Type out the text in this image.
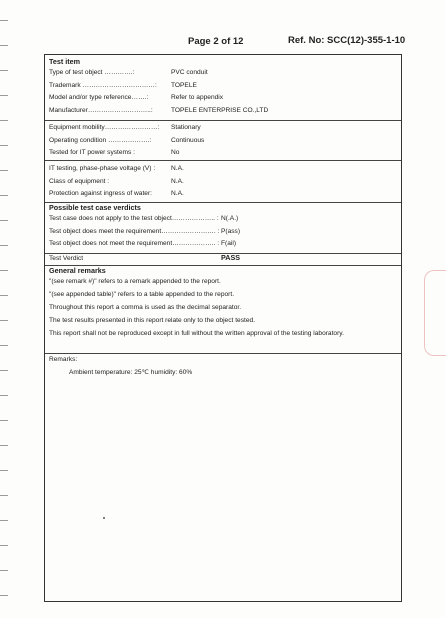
Page 2 of 12	Ref. No: SCC(12)-355-1-10
Test item
Type of test object ………….:	PVC conduit
Trademark ……………………………: TOPELE
Model and/or type reference…….:	Refer to appendix
Manufacturer………………………..:	TOPELE ENTERPRISE CO.,LTD
Equipment mobility……………………: Stationary
Operating condition ……………….:	Continuous
Tested for IT power systems :	No
IT testing, phase-phase voltage (V) : N.A.
Class of equipment :	N.A.
Protection against ingress of water:	N.A.
Test case does not apply to the test object……………….. : N(.A.)
Test object does meet the requirement……………………. : P(ass)
Test object does not meet the requirement……………….. : F(ail)
Possible test case verdicts
Test Verdict	PASS
General remarks
"(see remark #)" refers to a remark appended to the report.
"(see appended table)" refers to a table appended to the report.
Throughout this report a comma is used as the decimal separator.
The test results presented in this report relate only to the object tested.
This report shall not be reproduced except in full without the written approval of the testing laboratory.
Remarks:
Ambient temperature: 25℃ humidity: 60%
